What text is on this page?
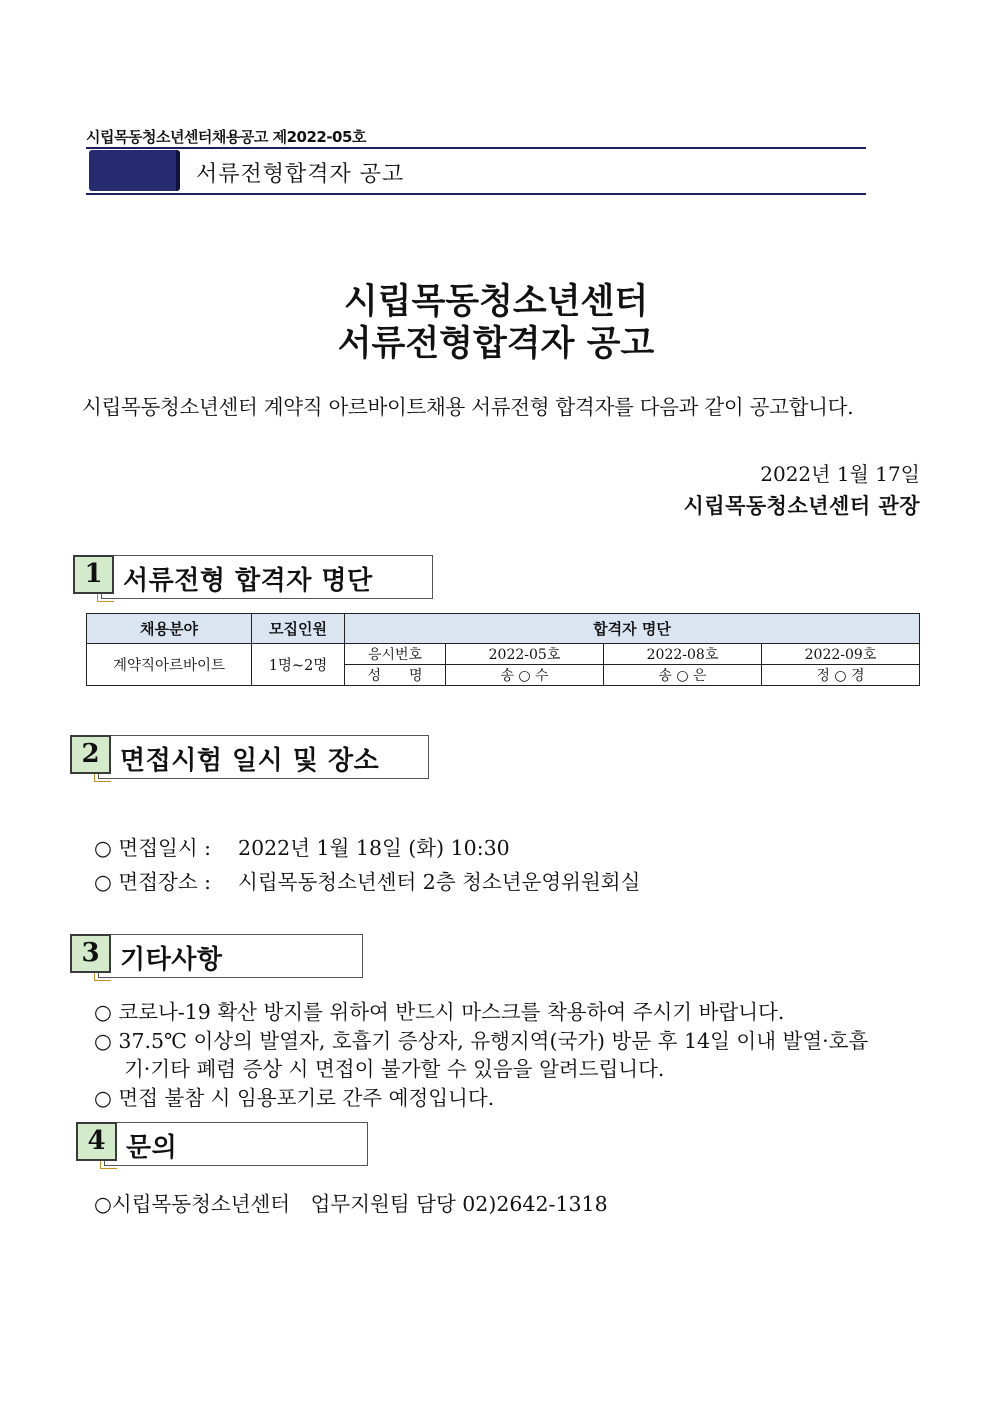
시립목동청소년센터채용공고 제2022-05호
서류전형합격자 공고
시립목동청소년센터
서류전형합격자 공고
시립목동청소년센터 계약직 아르바이트채용 서류전형 합격자를 다음과 같이 공고합니다.
2022년 1월 17일
시립목동청소년센터 관장
1 서류전형 합격자 명단
채용분야	모집인원	합격자 명단			
계약직아르바이트	1명~2명	응시번호	2022-05호	2022-08호	2022-09호
		성　　명	송 ○ 수	송 ○ 은	정 ○ 경
2 면접시험 일시 및 장소
○ 면접일시 :　 2022년 1월 18일 (화) 10:30
○ 면접장소 :　 시립목동청소년센터 2층 청소년운영위원회실
3 기타사항
○ 코로나-19 확산 방지를 위하여 반드시 마스크를 착용하여 주시기 바랍니다.
○ 37.5℃ 이상의 발열자, 호흡기 증상자, 유행지역(국가) 방문 후 14일 이내 발열·호흡
기·기타 폐렴 증상 시 면접이 불가할 수 있음을 알려드립니다.
○ 면접 불참 시 임용포기로 간주 예정입니다.
4 문의
○시립목동청소년센터　업무지원팀 담당 02)2642-1318
